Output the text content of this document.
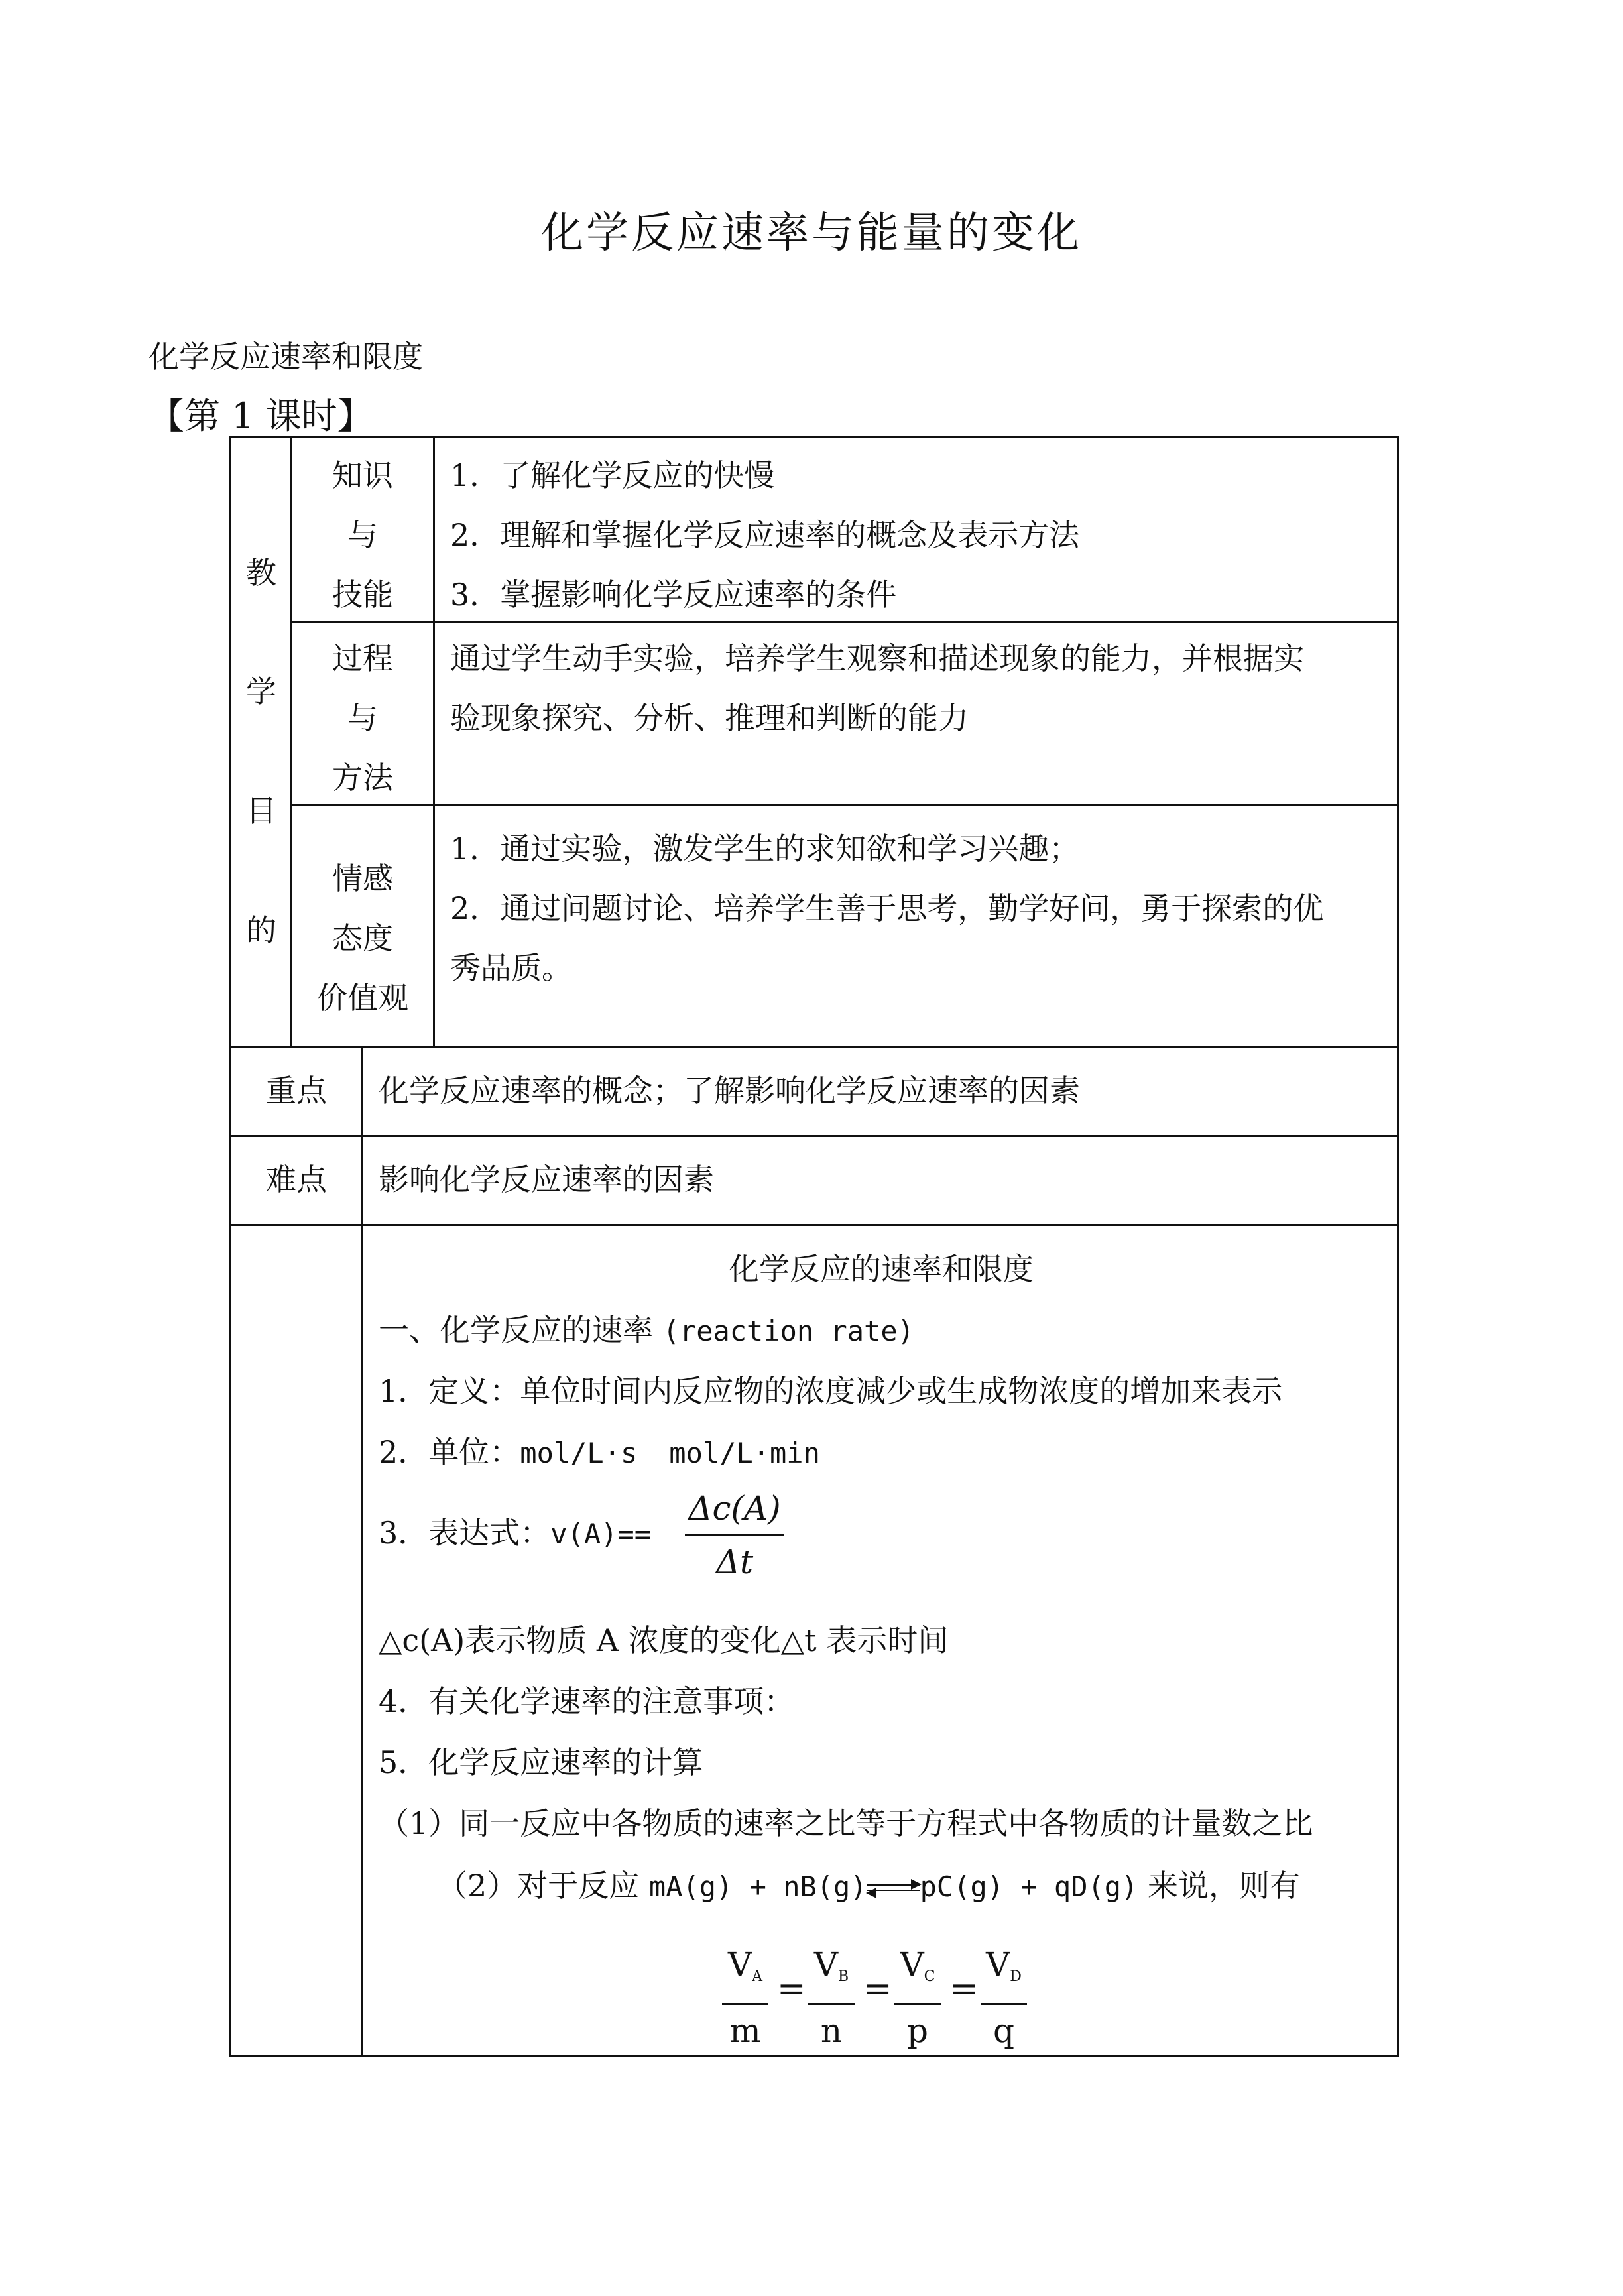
化学反应速率与能量的变化
化学反应速率和限度
【第 1 课时】
教
学
目
的
知识
与
技能
1．了解化学反应的快慢
2．理解和掌握化学反应速率的概念及表示方法
3．掌握影响化学反应速率的条件
过程
与
方法
通过学生动手实验，培养学生观察和描述现象的能力，并根据实
验现象探究、分析、推理和判断的能力
情感
态度
价值观
1．通过实验，激发学生的求知欲和学习兴趣；
2．通过问题讨论、培养学生善于思考，勤学好问，勇于探索的优
秀品质。
重点	化学反应速率的概念；了解影响化学反应速率的因素
难点	影响化学反应速率的因素
化学反应的速率和限度
一、化学反应的速率 (reaction rate)
1．定义：单位时间内反应物的浓度减少或生成物浓度的增加来表示
2．单位：mol/L·s mol/L·min
3．表达式：v(A)==
Δc(A)
Δt
△c(A)表示物质 A 浓度的变化△t 表示时间
4．有关化学速率的注意事项：
5．化学反应速率的计算
（1）同一反应中各物质的速率之比等于方程式中各物质的计量数之比
（2）对于反应 mA(g) + nB(g) pC(g) + qD(g) 来说，则有
$V_A$
m
=
$V_B$
n
=
$V_C$
p
=
$V_D$
q
